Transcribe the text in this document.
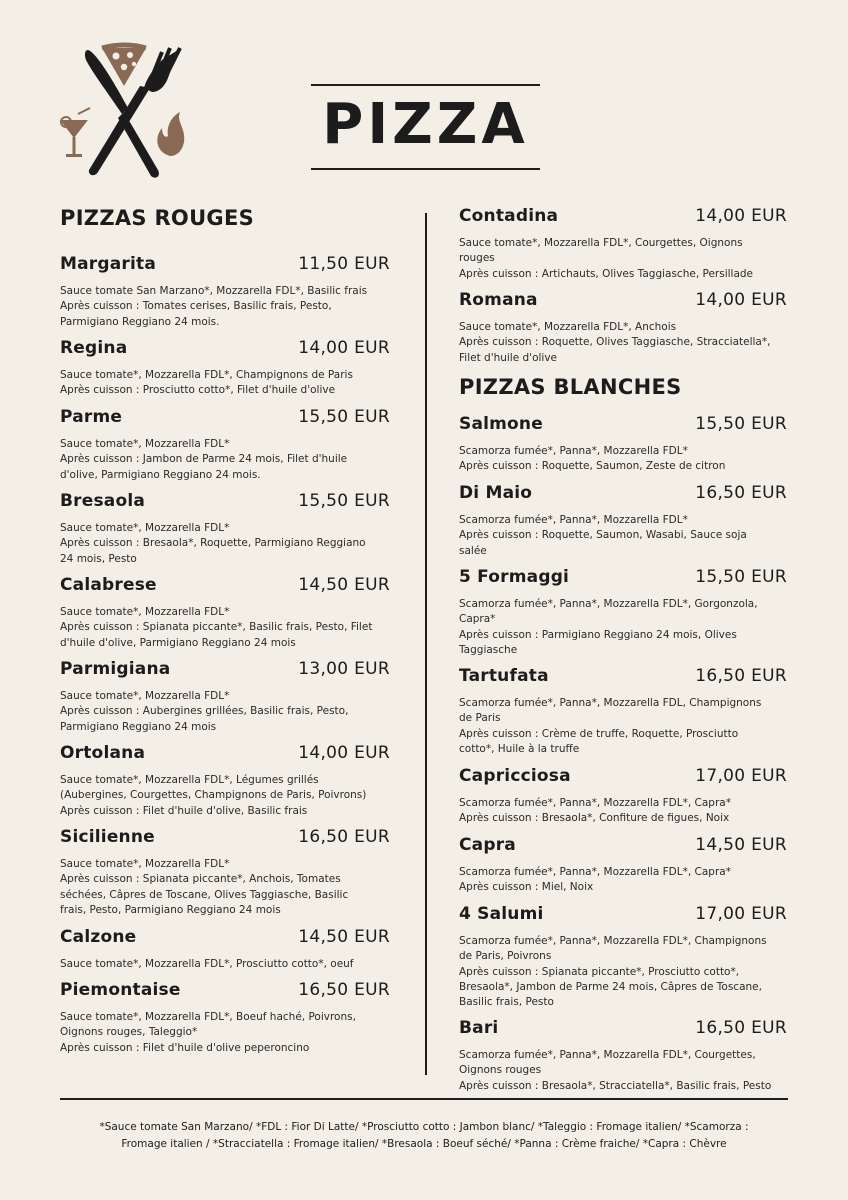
PIZZA
PIZZAS ROUGES
PIZZAS BLANCHES
Margarita	11,50 EUR
Sauce tomate San Marzano*, Mozzarella FDL*, Basilic frais
Après cuisson : Tomates cerises, Basilic frais, Pesto,
Parmigiano Reggiano 24 mois.
Regina	14,00 EUR
Sauce tomate*, Mozzarella FDL*, Champignons de Paris
Après cuisson : Prosciutto cotto*, Filet d'huile d'olive
Parme	15,50 EUR
Sauce tomate*, Mozzarella FDL*
Après cuisson : Jambon de Parme 24 mois, Filet d'huile
d'olive, Parmigiano Reggiano 24 mois.
Bresaola	15,50 EUR
Sauce tomate*, Mozzarella FDL*
Après cuisson : Bresaola*, Roquette, Parmigiano Reggiano
24 mois, Pesto
Calabrese	14,50 EUR
Sauce tomate*, Mozzarella FDL*
Après cuisson : Spianata piccante*, Basilic frais, Pesto, Filet
d'huile d'olive, Parmigiano Reggiano 24 mois
Parmigiana	13,00 EUR
Sauce tomate*, Mozzarella FDL*
Après cuisson : Aubergines grillées, Basilic frais, Pesto,
Parmigiano Reggiano 24 mois
Ortolana	14,00 EUR
Sauce tomate*, Mozzarella FDL*, Légumes grillés
(Aubergines, Courgettes, Champignons de Paris, Poivrons)
Après cuisson : Filet d'huile d'olive, Basilic frais
Sicilienne	16,50 EUR
Sauce tomate*, Mozzarella FDL*
Après cuisson : Spianata piccante*, Anchois, Tomates
séchées, Câpres de Toscane, Olives Taggiasche, Basilic
frais, Pesto, Parmigiano Reggiano 24 mois
Calzone	14,50 EUR
Sauce tomate*, Mozzarella FDL*, Prosciutto cotto*, oeuf
Piemontaise	16,50 EUR
Sauce tomate*, Mozzarella FDL*, Boeuf haché, Poivrons,
Oignons rouges, Taleggio*
Après cuisson : Filet d'huile d'olive peperoncino
Contadina	14,00 EUR
Sauce tomate*, Mozzarella FDL*, Courgettes, Oignons
rouges
Après cuisson : Artichauts, Olives Taggiasche, Persillade
Romana	14,00 EUR
Sauce tomate*, Mozzarella FDL*, Anchois
Après cuisson : Roquette, Olives Taggiasche, Stracciatella*,
Filet d'huile d'olive
Salmone	15,50 EUR
Scamorza fumée*, Panna*, Mozzarella FDL*
Après cuisson : Roquette, Saumon, Zeste de citron
Di Maio	16,50 EUR
Scamorza fumée*, Panna*, Mozzarella FDL*
Après cuisson : Roquette, Saumon, Wasabi, Sauce soja
salée
5 Formaggi	15,50 EUR
Scamorza fumée*, Panna*, Mozzarella FDL*, Gorgonzola,
Capra*
Après cuisson : Parmigiano Reggiano 24 mois, Olives
Taggiasche
Tartufata	16,50 EUR
Scamorza fumée*, Panna*, Mozzarella FDL, Champignons
de Paris
Après cuisson : Crème de truffe, Roquette, Prosciutto
cotto*, Huile à la truffe
Capricciosa	17,00 EUR
Scamorza fumée*, Panna*, Mozzarella FDL*, Capra*
Après cuisson : Bresaola*, Confiture de figues, Noix
Capra	14,50 EUR
Scamorza fumée*, Panna*, Mozzarella FDL*, Capra*
Après cuisson : Miel, Noix
4 Salumi	17,00 EUR
Scamorza fumée*, Panna*, Mozzarella FDL*, Champignons
de Paris, Poivrons
Après cuisson : Spianata piccante*, Prosciutto cotto*,
Bresaola*, Jambon de Parme 24 mois, Câpres de Toscane,
Basilic frais, Pesto
Bari	16,50 EUR
Scamorza fumée*, Panna*, Mozzarella FDL*, Courgettes,
Oignons rouges
Après cuisson : Bresaola*, Stracciatella*, Basilic frais, Pesto
*Sauce tomate San Marzano/ *FDL : Fior Di Latte/ *Prosciutto cotto : Jambon blanc/ *Taleggio : Fromage italien/ *Scamorza :
Fromage italien / *Stracciatella : Fromage italien/ *Bresaola : Boeuf séché/ *Panna : Crème fraiche/ *Capra : Chèvre
